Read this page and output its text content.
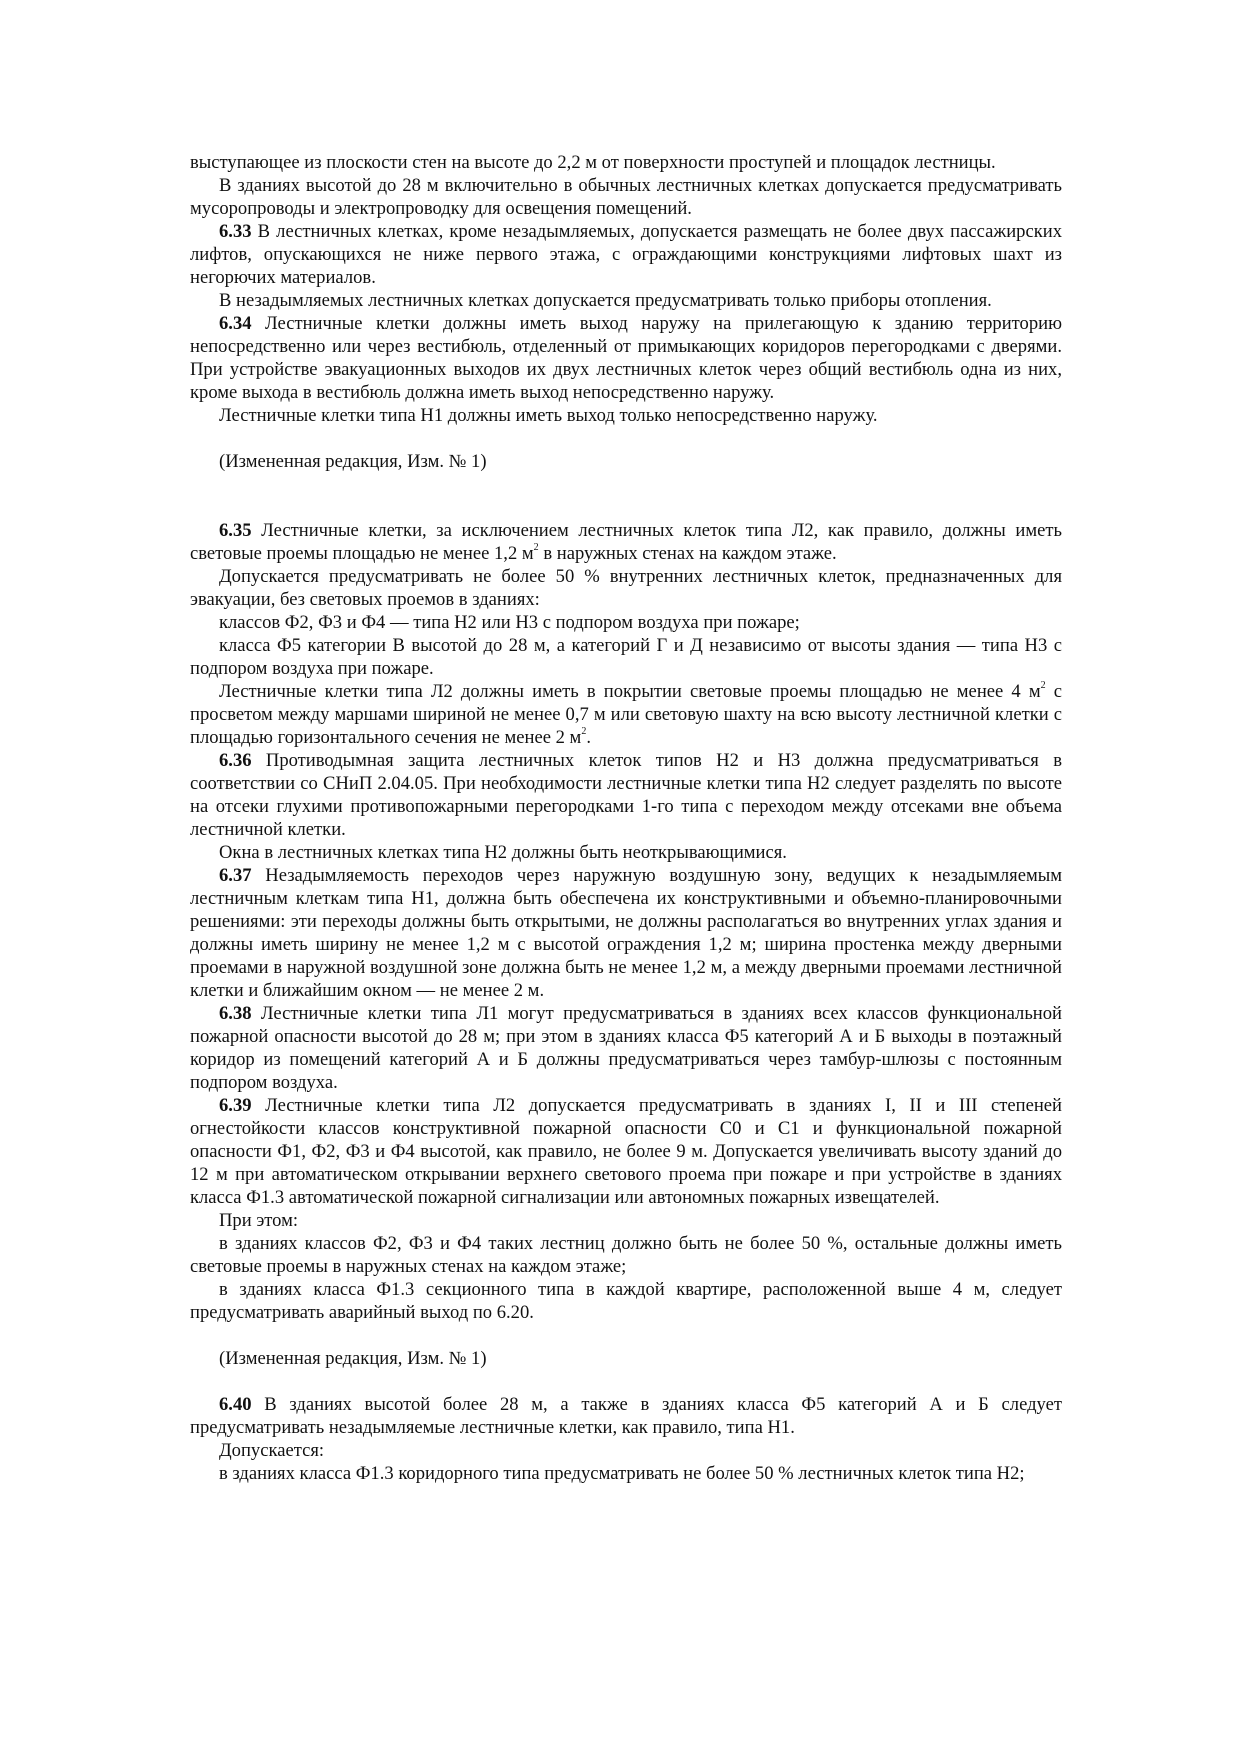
выступающее из плоскости стен на высоте до 2,2 м от поверхности проступей и площадок лестницы.

В зданиях высотой до 28 м включительно в обычных лестничных клетках допускается предусматривать мусоропроводы и электропроводку для освещения помещений.

6.33 В лестничных клетках, кроме незадымляемых, допускается размещать не более двух пассажирских лифтов, опускающихся не ниже первого этажа, с ограждающими конструкциями лифтовых шахт из негорючих материалов.

В незадымляемых лестничных клетках допускается предусматривать только приборы отопления.

6.34 Лестничные клетки должны иметь выход наружу на прилегающую к зданию территорию непосредственно или через вестибюль, отделенный от примыкающих коридоров перегородками с дверями. При устройстве эвакуационных выходов их двух лестничных клеток через общий вестибюль одна из них, кроме выхода в вестибюль должна иметь выход непосредственно наружу.

Лестничные клетки типа Н1 должны иметь выход только непосредственно наружу.

(Измененная редакция, Изм. № 1)

6.35 Лестничные клетки, за исключением лестничных клеток типа Л2, как правило, должны иметь световые проемы площадью не менее 1,2 $м^2$ в наружных стенах на каждом этаже.

Допускается предусматривать не более 50 % внутренних лестничных клеток, предназначенных для эвакуации, без световых проемов в зданиях:

классов Ф2, Ф3 и Ф4 — типа Н2 или Н3 с подпором воздуха при пожаре;

класса Ф5 категории В высотой до 28 м, а категорий Г и Д независимо от высоты здания — типа Н3 с подпором воздуха при пожаре.

Лестничные клетки типа Л2 должны иметь в покрытии световые проемы площадью не менее 4 $м^2$ с просветом между маршами шириной не менее 0,7 м или световую шахту на всю высоту лестничной клетки с площадью горизонтального сечения не менее 2 $м^2$.

6.36 Противодымная защита лестничных клеток типов Н2 и Н3 должна предусматриваться в соответствии со СНиП 2.04.05. При необходимости лестничные клетки типа Н2 следует разделять по высоте на отсеки глухими противопожарными перегородками 1-го типа с переходом между отсеками вне объема лестничной клетки.

Окна в лестничных клетках типа Н2 должны быть неоткрывающимися.

6.37 Незадымляемость переходов через наружную воздушную зону, ведущих к незадымляемым лестничным клеткам типа Н1, должна быть обеспечена их конструктивными и объемно-планировочными решениями: эти переходы должны быть открытыми, не должны располагаться во внутренних углах здания и должны иметь ширину не менее 1,2 м с высотой ограждения 1,2 м; ширина простенка между дверными проемами в наружной воздушной зоне должна быть не менее 1,2 м, а между дверными проемами лестничной клетки и ближайшим окном — не менее 2 м.

6.38 Лестничные клетки типа Л1 могут предусматриваться в зданиях всех классов функциональной пожарной опасности высотой до 28 м; при этом в зданиях класса Ф5 категорий А и Б выходы в поэтажный коридор из помещений категорий А и Б должны предусматриваться через тамбур-шлюзы с постоянным подпором воздуха.

6.39 Лестничные клетки типа Л2 допускается предусматривать в зданиях I, II и III степеней огнестойкости классов конструктивной пожарной опасности С0 и С1 и функциональной пожарной опасности Ф1, Ф2, Ф3 и Ф4 высотой, как правило, не более 9 м. Допускается увеличивать высоту зданий до 12 м при автоматическом открывании верхнего светового проема при пожаре и при устройстве в зданиях класса Ф1.3 автоматической пожарной сигнализации или автономных пожарных извещателей.

При этом:

в зданиях классов Ф2, Ф3 и Ф4 таких лестниц должно быть не более 50 %, остальные должны иметь световые проемы в наружных стенах на каждом этаже;

в зданиях класса Ф1.3 секционного типа в каждой квартире, расположенной выше 4 м, следует предусматривать аварийный выход по 6.20.

(Измененная редакция, Изм. № 1)

6.40 В зданиях высотой более 28 м, а также в зданиях класса Ф5 категорий А и Б следует предусматривать незадымляемые лестничные клетки, как правило, типа Н1.

Допускается:

в зданиях класса Ф1.3 коридорного типа предусматривать не более 50 % лестничных клеток типа Н2;
